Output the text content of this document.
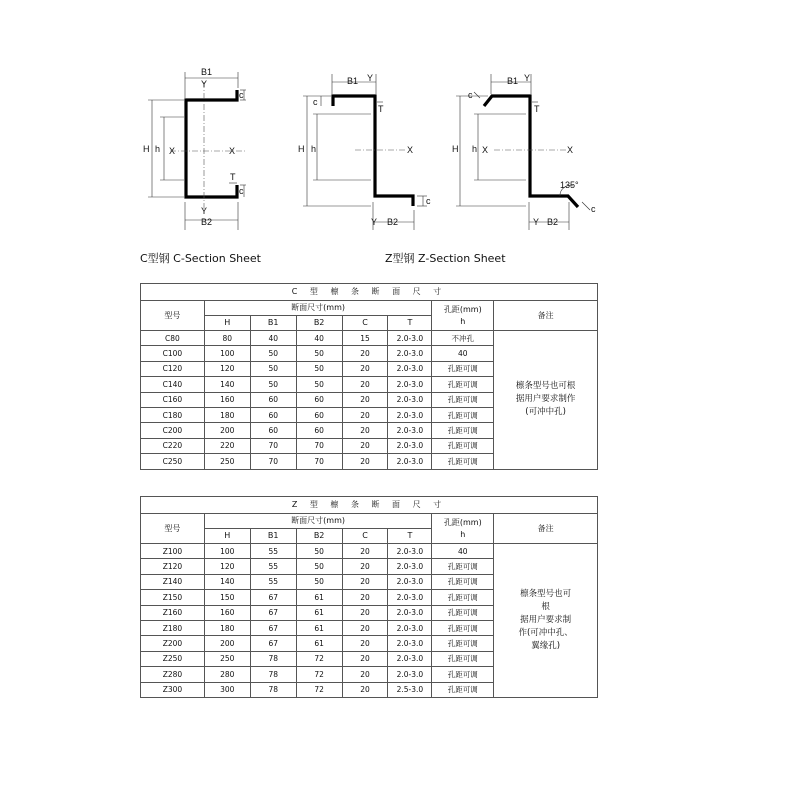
B1
Y
c
H h X	X
T
c
Y
B2
B1 Y
c
T
H h	X
c
Y B2
B1 Y
c
T
H h X	X
135°
c
Y B2
C型钢 C-Section Sheet	Z型钢 Z-Section Sheet
C 型 檩 条 断 面 尺 寸							
型号	断面尺寸(mm)					孔距(mm)
h	备注
	H	B1	B2	C	T		
C80	80	40	40	15	2.0-3.0	不冲孔	檩条型号也可根
据用户要求制作
(可冲中孔)

C100	100	50	50	20	2.0-3.0	40	
C120	120	50	50	20	2.0-3.0	孔距可调	
C140	140	50	50	20	2.0-3.0	孔距可调	
C160	160	60	60	20	2.0-3.0	孔距可调	
C180	180	60	60	20	2.0-3.0	孔距可调	
C200	200	60	60	20	2.0-3.0	孔距可调	
C220	220	70	70	20	2.0-3.0	孔距可调	
C250	250	70	70	20	2.0-3.0	孔距可调	
Z 型 檩 条 断 面 尺 寸							
型号	断面尺寸(mm)					孔距(mm)
h	备注
	H	B1	B2	C	T		
Z100	100	55	50	20	2.0-3.0	40	檩条型号也可
根
据用户要求制
作(可冲中孔、
翼缘孔)

Z120	120	55	50	20	2.0-3.0	孔距可调	
Z140	140	55	50	20	2.0-3.0	孔距可调	
Z150	150	67	61	20	2.0-3.0	孔距可调	
Z160	160	67	61	20	2.0-3.0	孔距可调	
Z180	180	67	61	20	2.0-3.0	孔距可调	
Z200	200	67	61	20	2.0-3.0	孔距可调	
Z250	250	78	72	20	2.0-3.0	孔距可调	
Z280	280	78	72	20	2.0-3.0	孔距可调	
Z300	300	78	72	20	2.5-3.0	孔距可调	
